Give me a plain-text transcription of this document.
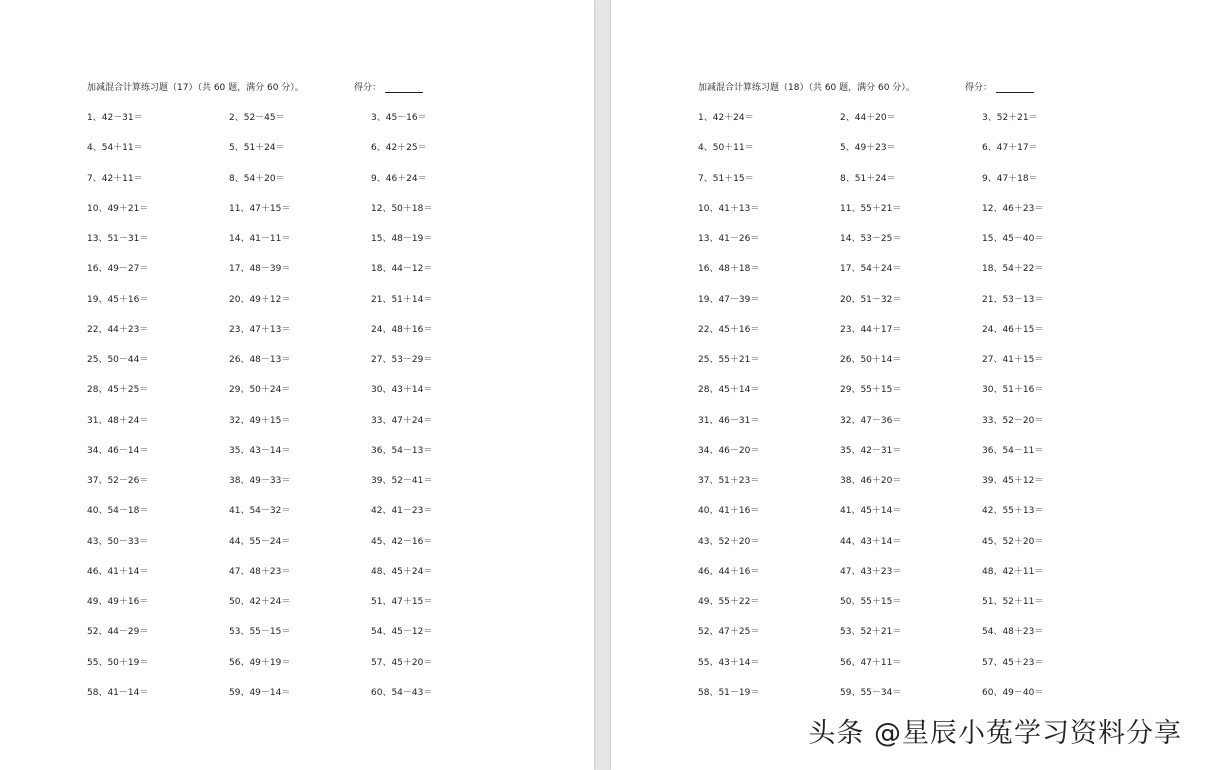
加减混合计算练习题（17）（共 60 题，满分 60 分）。	得分：
1、42－31＝	2、52－45＝	3、45－16＝
4、54＋11＝	5、51＋24＝	6、42＋25＝
7、42＋11＝	8、54＋20＝	9、46＋24＝
10、49＋21＝	11、47＋15＝	12、50＋18＝
13、51－31＝	14、41－11＝	15、48－19＝
16、49－27＝	17、48－39＝	18、44－12＝
19、45＋16＝	20、49＋12＝	21、51＋14＝
22、44＋23＝	23、47＋13＝	24、48＋16＝
25、50－44＝	26、48－13＝	27、53－29＝
28、45＋25＝	29、50＋24＝	30、43＋14＝
31、48＋24＝	32、49＋15＝	33、47＋24＝
34、46－14＝	35、43－14＝	36、54－13＝
37、52－26＝	38、49－33＝	39、52－41＝
40、54－18＝	41、54－32＝	42、41－23＝
43、50－33＝	44、55－24＝	45、42－16＝
46、41＋14＝	47、48＋23＝	48、45＋24＝
49、49＋16＝	50、42＋24＝	51、47＋15＝
52、44－29＝	53、55－15＝	54、45－12＝
55、50＋19＝	56、49＋19＝	57、45＋20＝
58、41－14＝	59、49－14＝	60、54－43＝
加减混合计算练习题（18）（共 60 题，满分 60 分）。	得分：
1、42＋24＝	2、44＋20＝	3、52＋21＝
4、50＋11＝	5、49＋23＝	6、47＋17＝
7、51＋15＝	8、51＋24＝	9、47＋18＝
10、41＋13＝	11、55＋21＝	12、46＋23＝
13、41－26＝	14、53－25＝	15、45－40＝
16、48＋18＝	17、54＋24＝	18、54＋22＝
19、47－39＝	20、51－32＝	21、53－13＝
22、45＋16＝	23、44＋17＝	24、46＋15＝
25、55＋21＝	26、50＋14＝	27、41＋15＝
28、45＋14＝	29、55＋15＝	30、51＋16＝
31、46－31＝	32、47－36＝	33、52－20＝
34、46－20＝	35、42－31＝	36、54－11＝
37、51＋23＝	38、46＋20＝	39、45＋12＝
40、41＋16＝	41、45＋14＝	42、55＋13＝
43、52＋20＝	44、43＋14＝	45、52＋20＝
46、44＋16＝	47、43＋23＝	48、42＋11＝
49、55＋22＝	50、55＋15＝	51、52＋11＝
52、47＋25＝	53、52＋21＝	54、48＋23＝
55、43＋14＝	56、47＋11＝	57、45＋23＝
58、51－19＝	59、55－34＝	60、49－40＝
头条 @星辰小菟学习资料分享
